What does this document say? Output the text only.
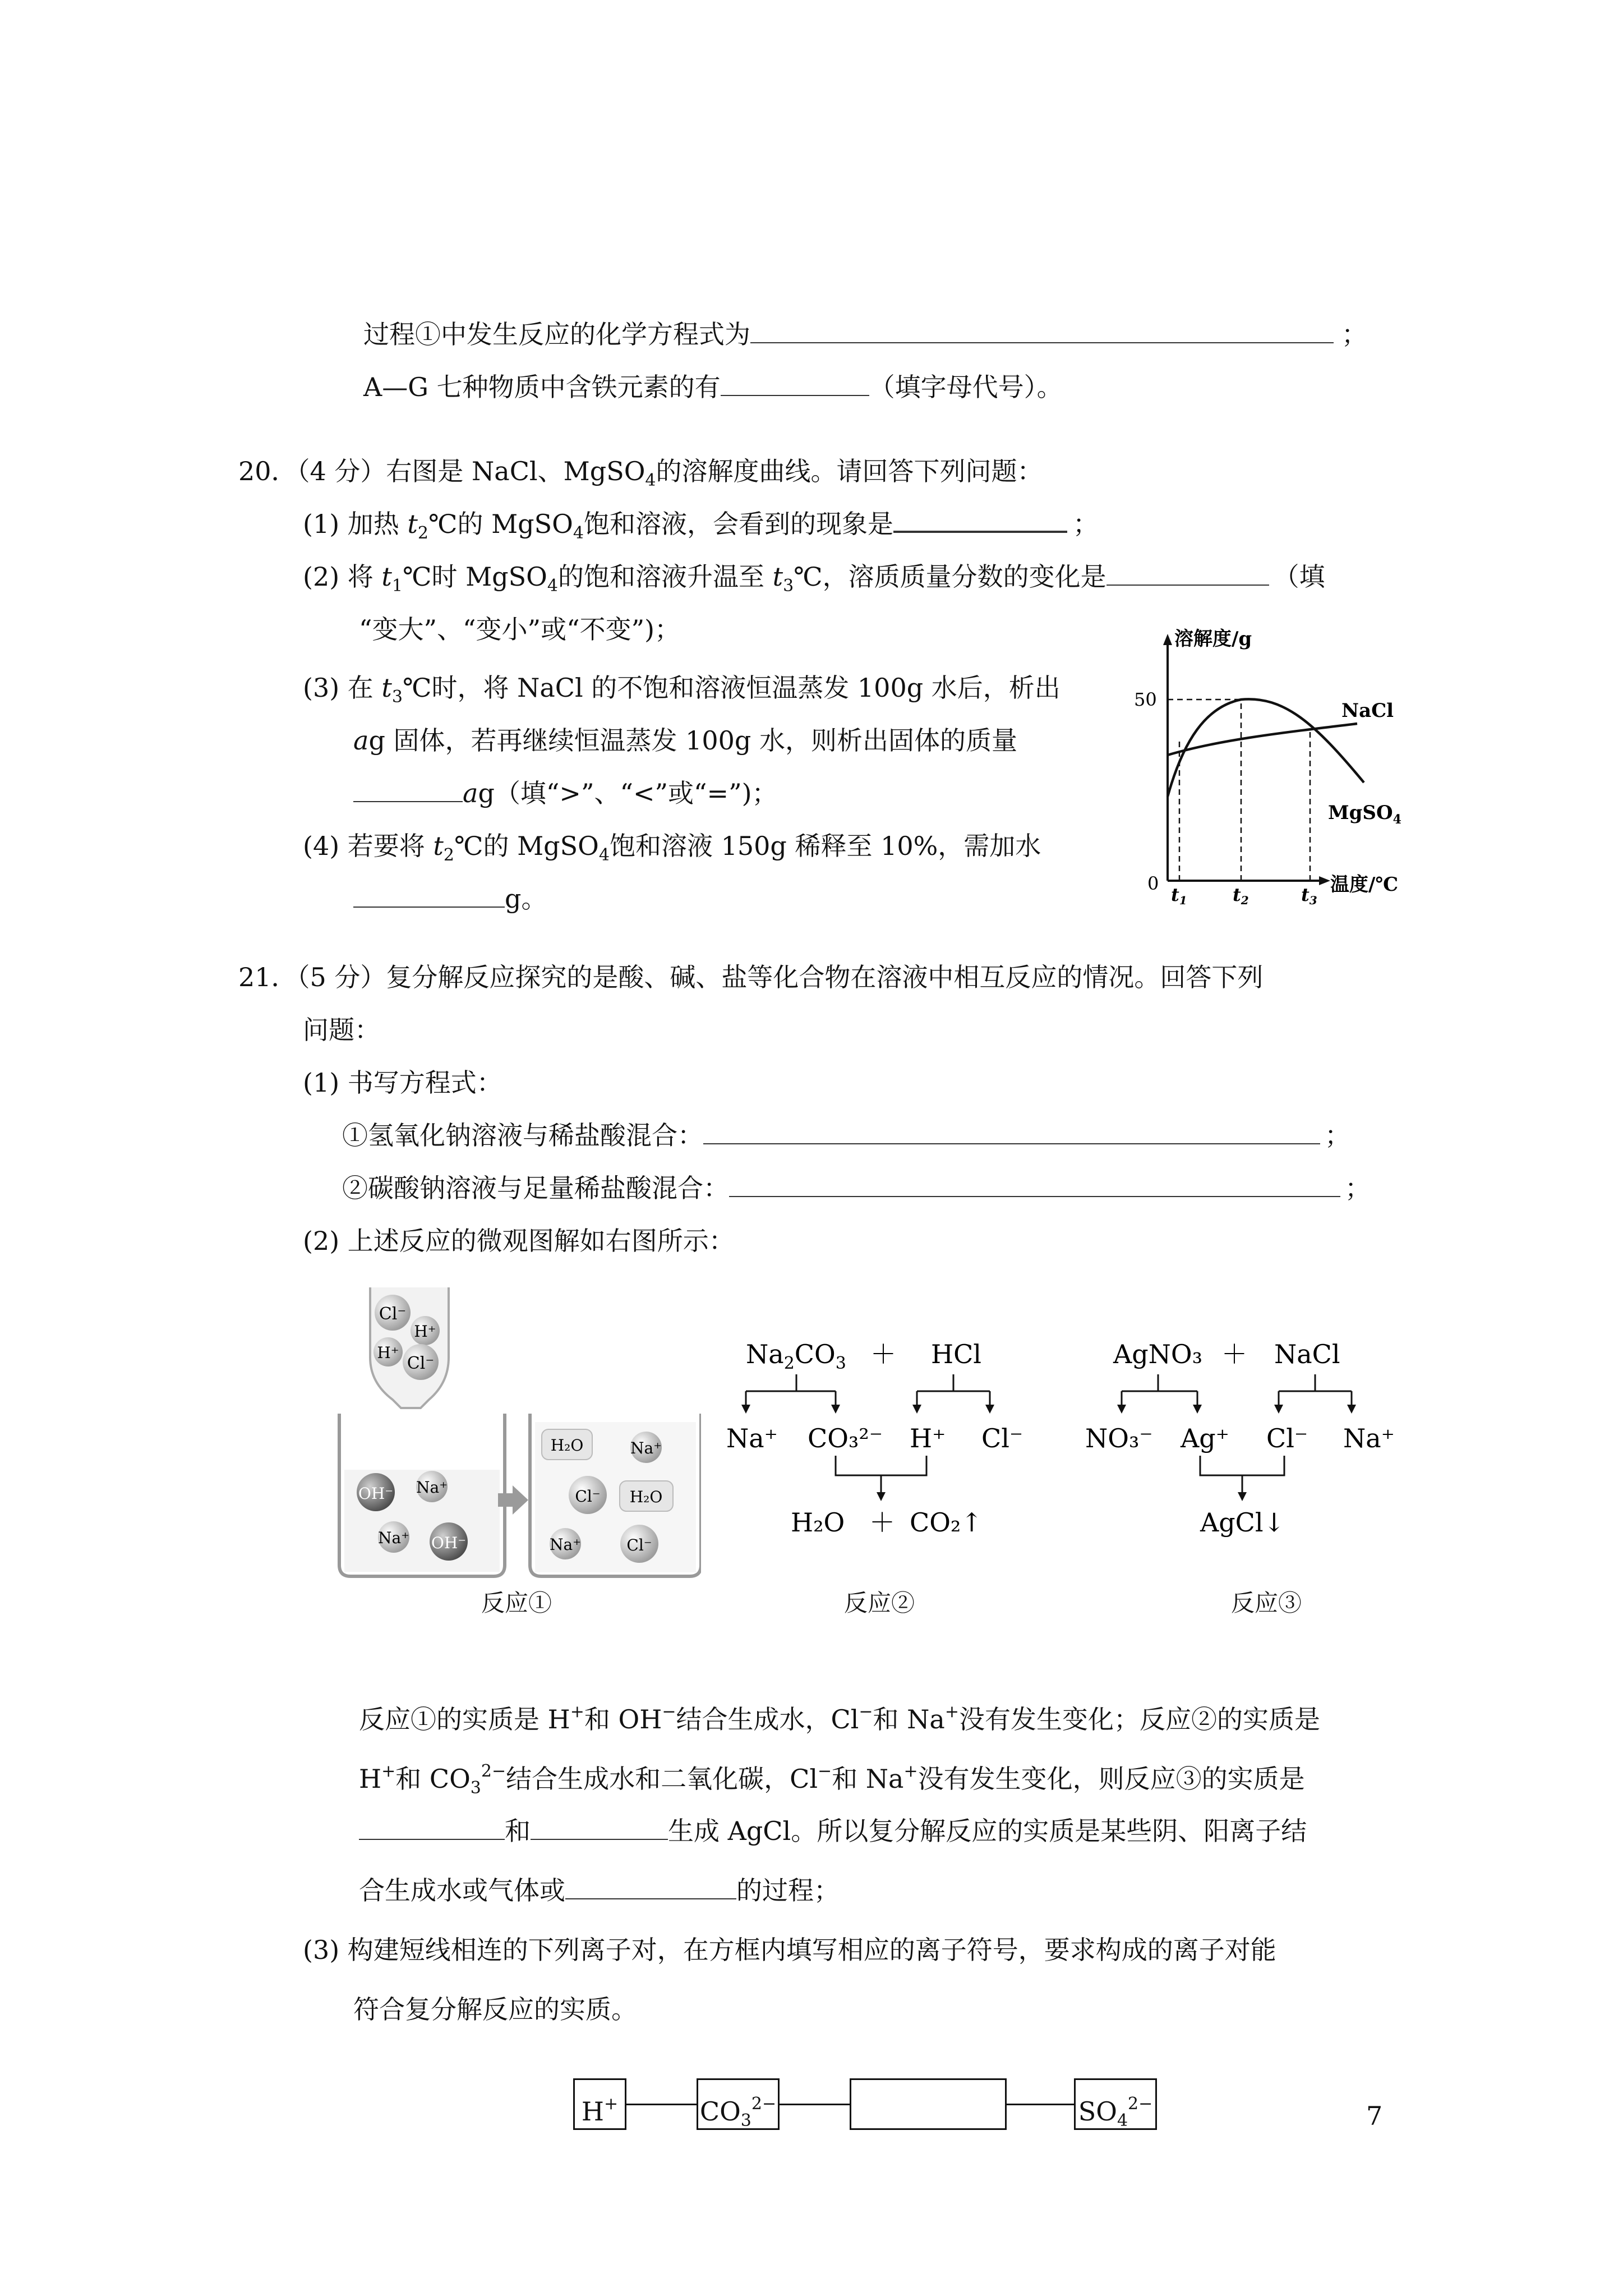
过程①中发生反应的化学方程式为	；
A—G 七种物质中含铁元素的有	（填字母代号）。
20．（4 分）右图是 NaCl、MgSO$_4$的溶解度曲线。请回答下列问题：
(1) 加热 $t_2℃$的 MgSO$_4$饱和溶液，会看到的现象是	；
(2) 将 $t_1℃$时 MgSO$_4$的饱和溶液升温至 $t_3℃$，溶质质量分数的变化是	（填
“变大”、“变小”或“不变”)；
(3) 在 $t_3℃$时，将 NaCl 的不饱和溶液恒温蒸发 100g 水后，析出
ag 固体，若再继续恒温蒸发 100g 水，则析出固体的质量
ag（填“>”、“<”或“=”)；
(4) 若要将 $t_2℃$的 MgSO$_4$饱和溶液 150g 稀释至 10%，需加水
g。
溶解度/g
温度/℃
0
50
t1	t2	t3
NaCl
MgSO$_4$
21．（5 分）复分解反应探究的是酸、碱、盐等化合物在溶液中相互反应的情况。回答下列
问题：
(1) 书写方程式：
①氢氧化钠溶液与稀盐酸混合：	；
②碳酸钠溶液与足量稀盐酸混合：	；
(2) 上述反应的微观图解如右图所示：
Cl⁻
H⁺
H⁺
Cl⁻
OH⁻ Na⁺
Na⁺ OH⁻
H₂O	Na⁺
Cl⁻ H₂O
Na⁺	Cl⁻
$Na_2CO_3$ ＋ HCl
Na⁺ CO₃²⁻ H⁺ Cl⁻
H₂O ＋ CO₂↑
AgNO₃ ＋ NaCl
NO₃⁻ Ag⁺ Cl⁻ Na⁺
AgCl↓
反应①	反应②	反应③
反应①的实质是 H+和 OH−结合生成水，Cl−和 Na+没有发生变化；反应②的实质是
H+和 $CO_3^{2-}$结合生成水和二氧化碳，Cl−和 Na+没有发生变化，则反应③的实质是
和	生成 AgCl。所以复分解反应的实质是某些阴、阳离子结
合生成水或气体或	的过程；
(3) 构建短线相连的下列离子对，在方框内填写相应的离子符号，要求构成的离子对能
符合复分解反应的实质。
H+	$CO_3^{2-}$	$SO_4^{2-}$	7
